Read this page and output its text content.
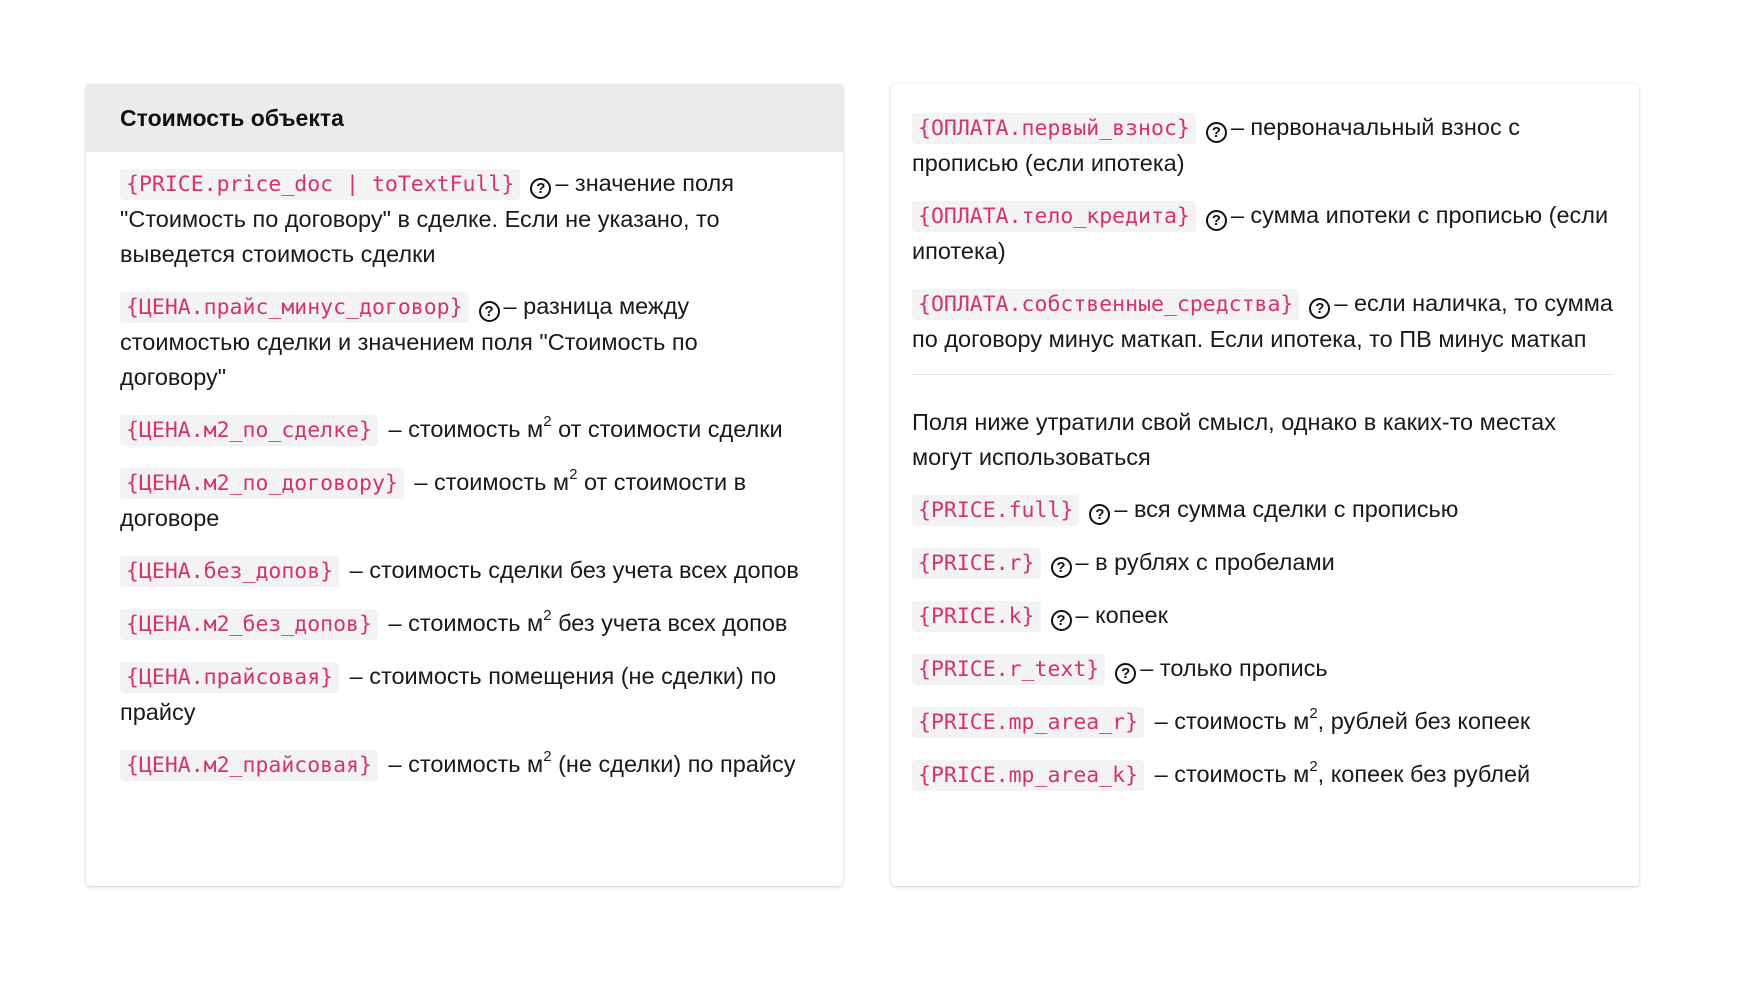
Стоимость объекта
{PRICE.price_doc | toTextFull} ? – значение поля "Стоимость по договору" в сделке. Если не указано, то выведется стоимость сделки
{ЦЕНА.прайс_минус_договор} ? – разница между стоимостью сделки и значением поля "Стоимость по договору"
{ЦЕНА.м2_по_сделке} – стоимость $м^2$ от стоимости сделки
{ЦЕНА.м2_по_договору} – стоимость $м^2$ от стоимости в договоре
{ЦЕНА.без_допов} – стоимость сделки без учета всех допов
{ЦЕНА.м2_без_допов} – стоимость $м^2$ без учета всех допов
{ЦЕНА.прайсовая} – стоимость помещения (не сделки) по прайсу
{ЦЕНА.м2_прайсовая} – стоимость $м^2$ (не сделки) по прайсу
{ОПЛАТА.первый_взнос} ? – первоначальный взнос с прописью (если ипотека)
{ОПЛАТА.тело_кредита} ? – сумма ипотеки с прописью (если ипотека)
{ОПЛАТА.собственные_средства} ? – если наличка, то сумма по договору минус маткап. Если ипотека, то ПВ минус маткап
Поля ниже утратили свой смысл, однако в каких-то местах могут использоваться
{PRICE.full} ? – вся сумма сделки с прописью
{PRICE.r} ? – в рублях с пробелами
{PRICE.k} ? – копеек
{PRICE.r_text} ? – только пропись
{PRICE.mp_area_r} – стоимость $м^2$, рублей без копеек
{PRICE.mp_area_k} – стоимость $м^2$, копеек без рублей
